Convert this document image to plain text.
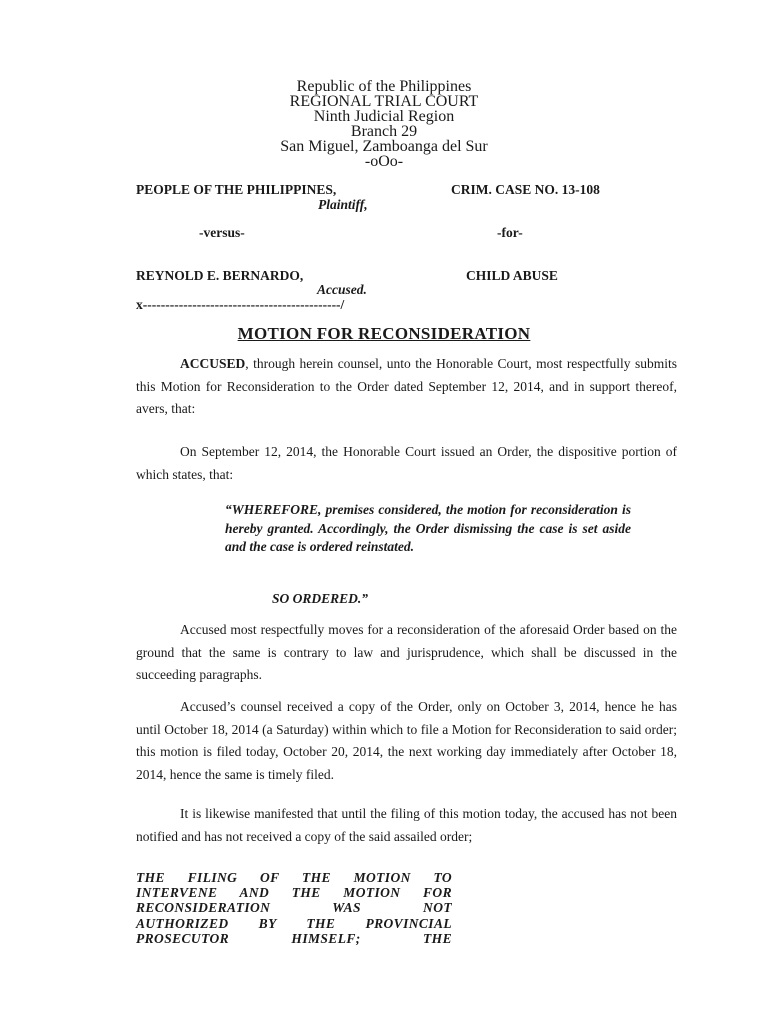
Republic of the Philippines
REGIONAL TRIAL COURT
Ninth Judicial Region
Branch 29
San Miguel, Zamboanga del Sur
-oOo-
PEOPLE OF THE PHILIPPINES,
Plaintiff,
CRIM. CASE NO. 13-108
-versus-	-for-
REYNOLD E. BERNARDO,
Accused.
CHILD ABUSE
x--------------------------------------------/
MOTION FOR RECONSIDERATION
ACCUSED, through herein counsel, unto the Honorable Court, most respectfully submits this Motion for Reconsideration to the Order dated September 12, 2014, and in support thereof, avers, that:
On September 12, 2014, the Honorable Court issued an Order, the dispositive portion of which states, that:
“WHEREFORE, premises considered, the motion for reconsideration is hereby granted. Accordingly, the Order dismissing the case is set aside and the case is ordered reinstated.
SO ORDERED.”
Accused most respectfully moves for a reconsideration of the aforesaid Order based on the ground that the same is contrary to law and jurisprudence, which shall be discussed in the succeeding paragraphs.
Accused’s counsel received a copy of the Order, only on October 3, 2014, hence he has until October 18, 2014 (a Saturday) within which to file a Motion for Reconsideration to said order; this motion is filed today, October 20, 2014, the next working day immediately after October 18, 2014, hence the same is timely filed.
It is likewise manifested that until the filing of this motion today, the accused has not been notified and has not received a copy of the said assailed order;
THE FILING OF THE MOTION TO
INTERVENE AND THE MOTION FOR
RECONSIDERATION WAS NOT
AUTHORIZED BY THE PROVINCIAL
PROSECUTOR HIMSELF; THE
